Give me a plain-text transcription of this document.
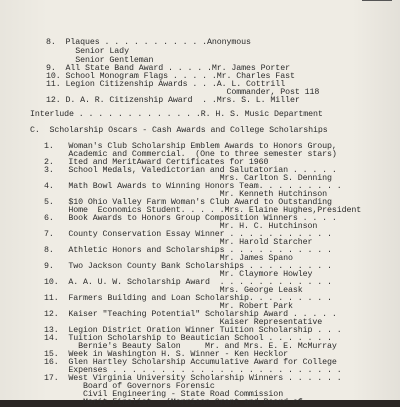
8.  Plaques . . . . . . . . . . .Anonymous
Senior Lady
Senior Gentleman
9.  All State Band Award . . . . .Mr. James Porter
10. School Monogram Flags . . . . .Mr. Charles Fast
11. Legion Citizenship Awards . . .A. L. Cottrill
Commander, Post 118
12. D. A. R. Citizenship Award  . .Mrs. S. L. Miller
Interlude . . . . . . . . . . . . .R. H. S. Music Department
C.  Scholarship Oscars - Cash Awards and College Scholarships
1.   Woman's Club Scholarship Emblem Awards to Honors Group,
Academic and Commercial.  (One to three semester stars)
2.   Ited and MeritAward Certificates for 1960
3.   School Medals, Valedictorian and Salutatorian . . . . .
Mrs. Carlton S. Denning
4.   Math Bowl Awards to Winning Honors Team. . . . . . . . .
Mr. Kenneth Hutchinson
5.   $10 Ohio Valley Farm Woman's Club Award to Outstanding
Home  Economics Student. . . . .Mrs. Elaine Hughes,President
6.   Book Awards to Honors Group Composition Winners . . . .
Mr. H. C. Hutchinson
7.   County Conservation Essay Winner . . . . . . . . . . .
Mr. Harold Starcher
8.   Athletic Honors and Scholarships . . . . . . . . . . .
Mr. James Spano
9.   Two Jackson County Bank Scholarships . . . . . . . . .
Mr. Claymore Howley
10.  A. A. U. W. Scholarship Award  . . . . . . . . . . . .
Mrs. George Leask
11.  Farmers Building and Loan Scholarship. . . . . . . . .
Mr. Robert Park
12.  Kaiser "Teaching Potential" Scholarship Award . . . . .
Kaiser Representative
13.  Legion District Oration Winner Tuition Scholarship . . .
14.  Tuition Scholarship to Beautician School . . . . . . .
Bernie's Beauty Salon     Mr. and Mrs. E. E. McMurray
15.  Week in Washington H. S. Winner - Ken Hecklor
16.  Glen Hartley Scholarship Accumulative Award for College
Expenses . . . . . . . . . . . . . . . . . . . . . . . .
17.  West Virginia University Scholarship Winners . . . . . .
Board of Governors Forensic
Civil Engineering - State Road Commission
Merit Finalist - (Morrison Grant and Board of
